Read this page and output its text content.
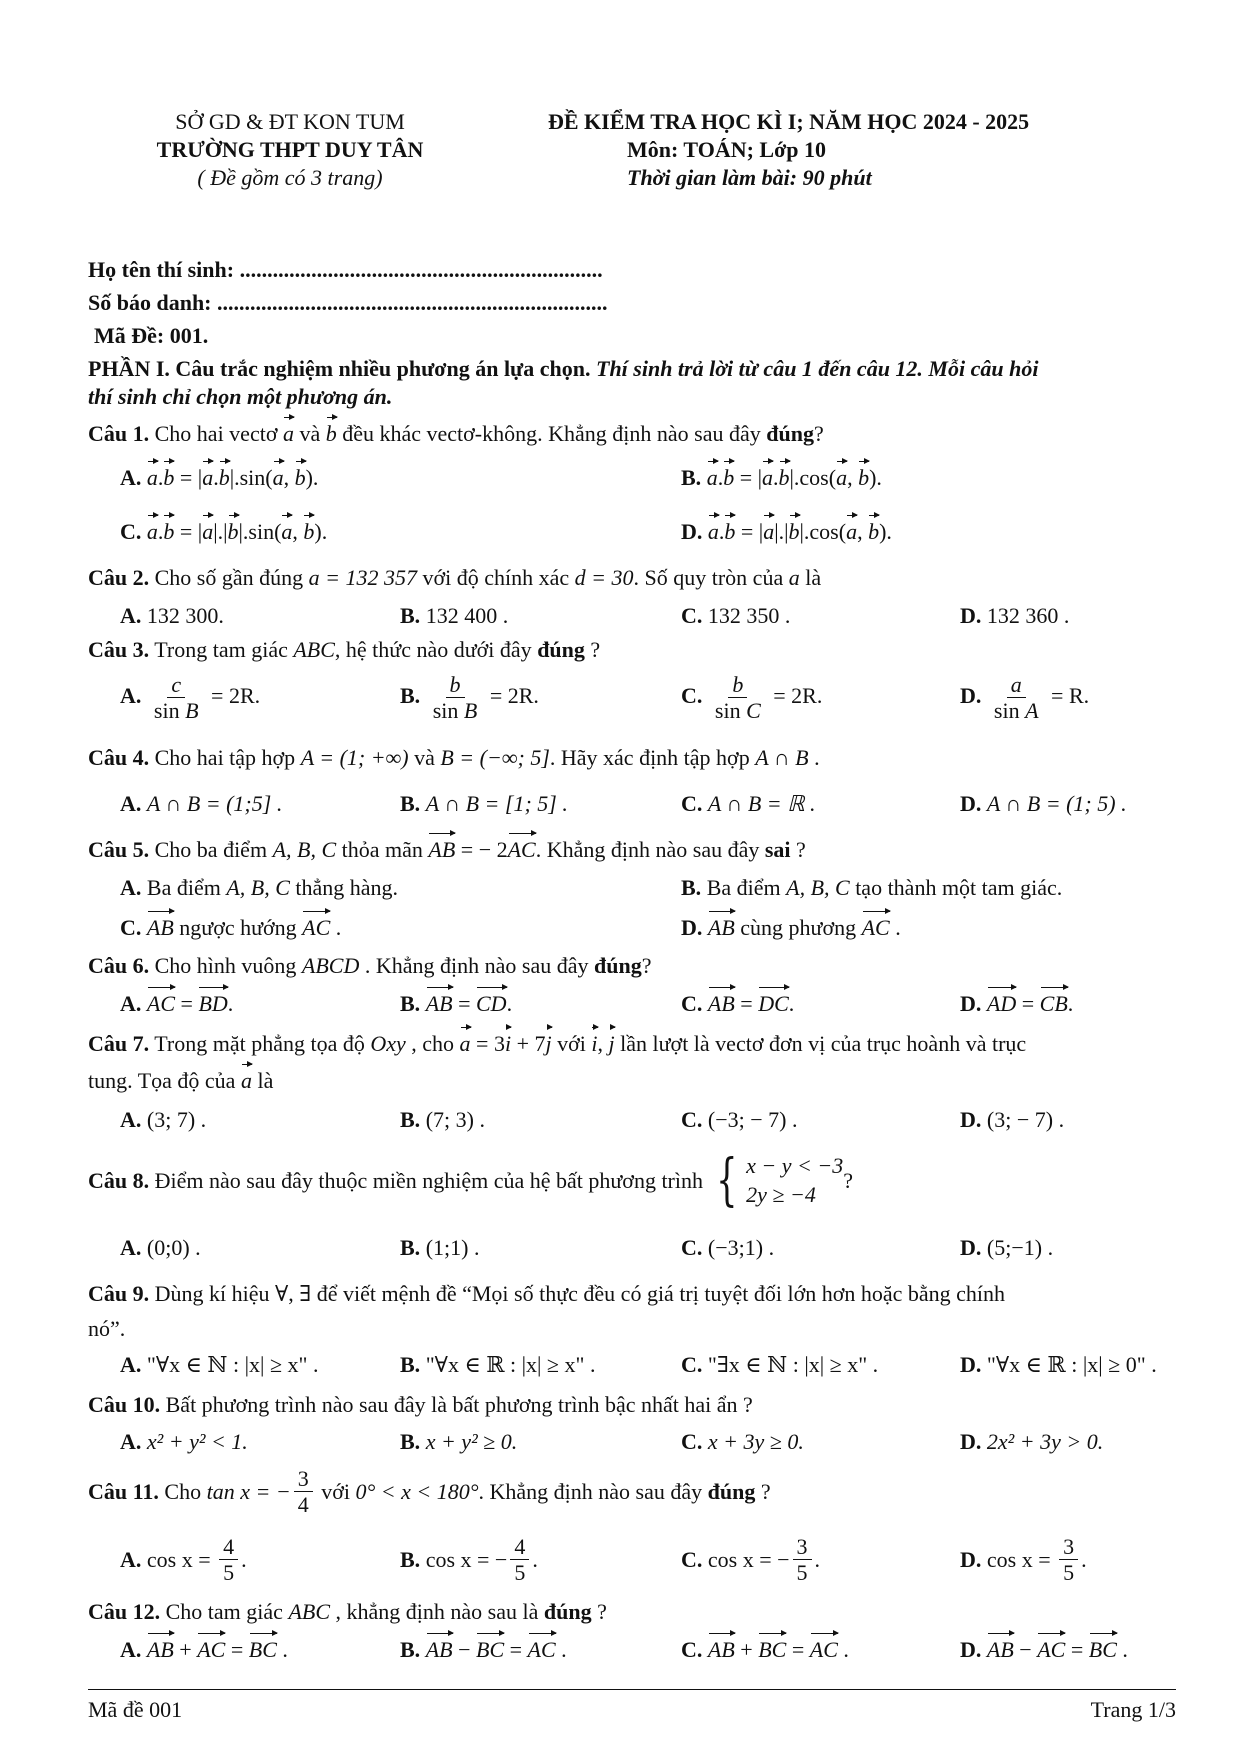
SỞ GD & ĐT KON TUM
TRƯỜNG THPT DUY TÂN
( Đề gồm có 3 trang)
ĐỀ KIỂM TRA HỌC KÌ I; NĂM HỌC 2024 - 2025
Môn: TOÁN; Lớp 10
Thời gian làm bài: 90 phút
Họ tên thí sinh: ..................................................................
Số báo danh: .......................................................................
Mã Đề: 001.
PHẦN I. Câu trắc nghiệm nhiều phương án lựa chọn. Thí sinh trả lời từ câu 1 đến câu 12. Mỗi câu hỏi
thí sinh chỉ chọn một phương án.
Câu 1. Cho hai vectơ a và b đều khác vectơ-không. Khẳng định nào sau đây đúng?
A. a.b = |a.b|.sin(a, b).	B. a.b = |a.b|.cos(a, b).
C. a.b = |a|.|b|.sin(a, b).	D. a.b = |a|.|b|.cos(a, b).
Câu 2. Cho số gần đúng a = 132 357 với độ chính xác d = 30. Số quy tròn của a là
A. 132 300.	B. 132 400 .	C. 132 350 .	D. 132 360 .
Câu 3. Trong tam giác ABC, hệ thức nào dưới đây đúng ?
A. $\frac{c}{\text{sin B}} = 2R$.	B. $\frac{b}{\text{sin B}} = 2R$.	C. $\frac{b}{\text{sin C}} = 2R$.	D. $\frac{a}{\text{sin A}} = R$.
Câu 4. Cho hai tập hợp A = (1; +∞) và B = (−∞; 5]. Hãy xác định tập hợp A ∩ B .
A. A ∩ B = (1;5] .	B. A ∩ B = [1; 5] .	C. A ∩ B = ℝ .	D. A ∩ B = (1; 5) .
Câu 5. Cho ba điểm A, B, C thỏa mãn AB = − 2AC. Khẳng định nào sau đây sai ?
A. Ba điểm A, B, C thẳng hàng.	B. Ba điểm A, B, C tạo thành một tam giác.
C. AB ngược hướng AC .	D. AB cùng phương AC .
Câu 6. Cho hình vuông ABCD . Khẳng định nào sau đây đúng?
A. AC = BD.	B. AB = CD.	C. AB = DC.	D. AD = CB.
Câu 7. Trong mặt phẳng tọa độ Oxy , cho a = 3i + 7j với i, j lần lượt là vectơ đơn vị của trục hoành và trục
tung. Tọa độ của a là
A. (3; 7) .	B. (7; 3) .	C. (−3; − 7) .	D. (3; − 7) .
Câu 8. Điểm nào sau đây thuộc miền nghiệm của hệ bất phương trình
{ x − y < −3
2y ≥ −4
?
A. (0;0) .	B. (1;1) .	C. (−3;1) .	D. (5;−1) .
Câu 9. Dùng kí hiệu ∀, ∃ để viết mệnh đề “Mọi số thực đều có giá trị tuyệt đối lớn hơn hoặc bằng chính
nó”.
A. "∀x ∈ ℕ : |x| ≥ x" .	B. "∀x ∈ ℝ : |x| ≥ x" .	C. "∃x ∈ ℕ : |x| ≥ x" .	D. "∀x ∈ ℝ : |x| ≥ 0" .
Câu 10. Bất phương trình nào sau đây là bất phương trình bậc nhất hai ẩn ?
A. x² + y² < 1.	B. x + y² ≥ 0.	C. x + 3y ≥ 0.	D. 2x² + 3y > 0.
Câu 11. Cho tan x = − $\frac{3}{4}$ với 0° < x < 180° . Khẳng định nào sau đây đúng ?
A.
$\cos x = \frac{4}{5}$ .	B.
cos x = − $\frac{4}{5}$ .	C.
cos x = − $\frac{3}{5}$ .	D.
$\cos x = \frac{3}{5}$ .
Câu 12. Cho tam giác ABC , khẳng định nào sau là đúng ?
A. AB + AC = BC .	B. AB − BC = AC .	C. AB + BC = AC .	D. AB − AC = BC .
Mã đề 001	Trang 1/3
